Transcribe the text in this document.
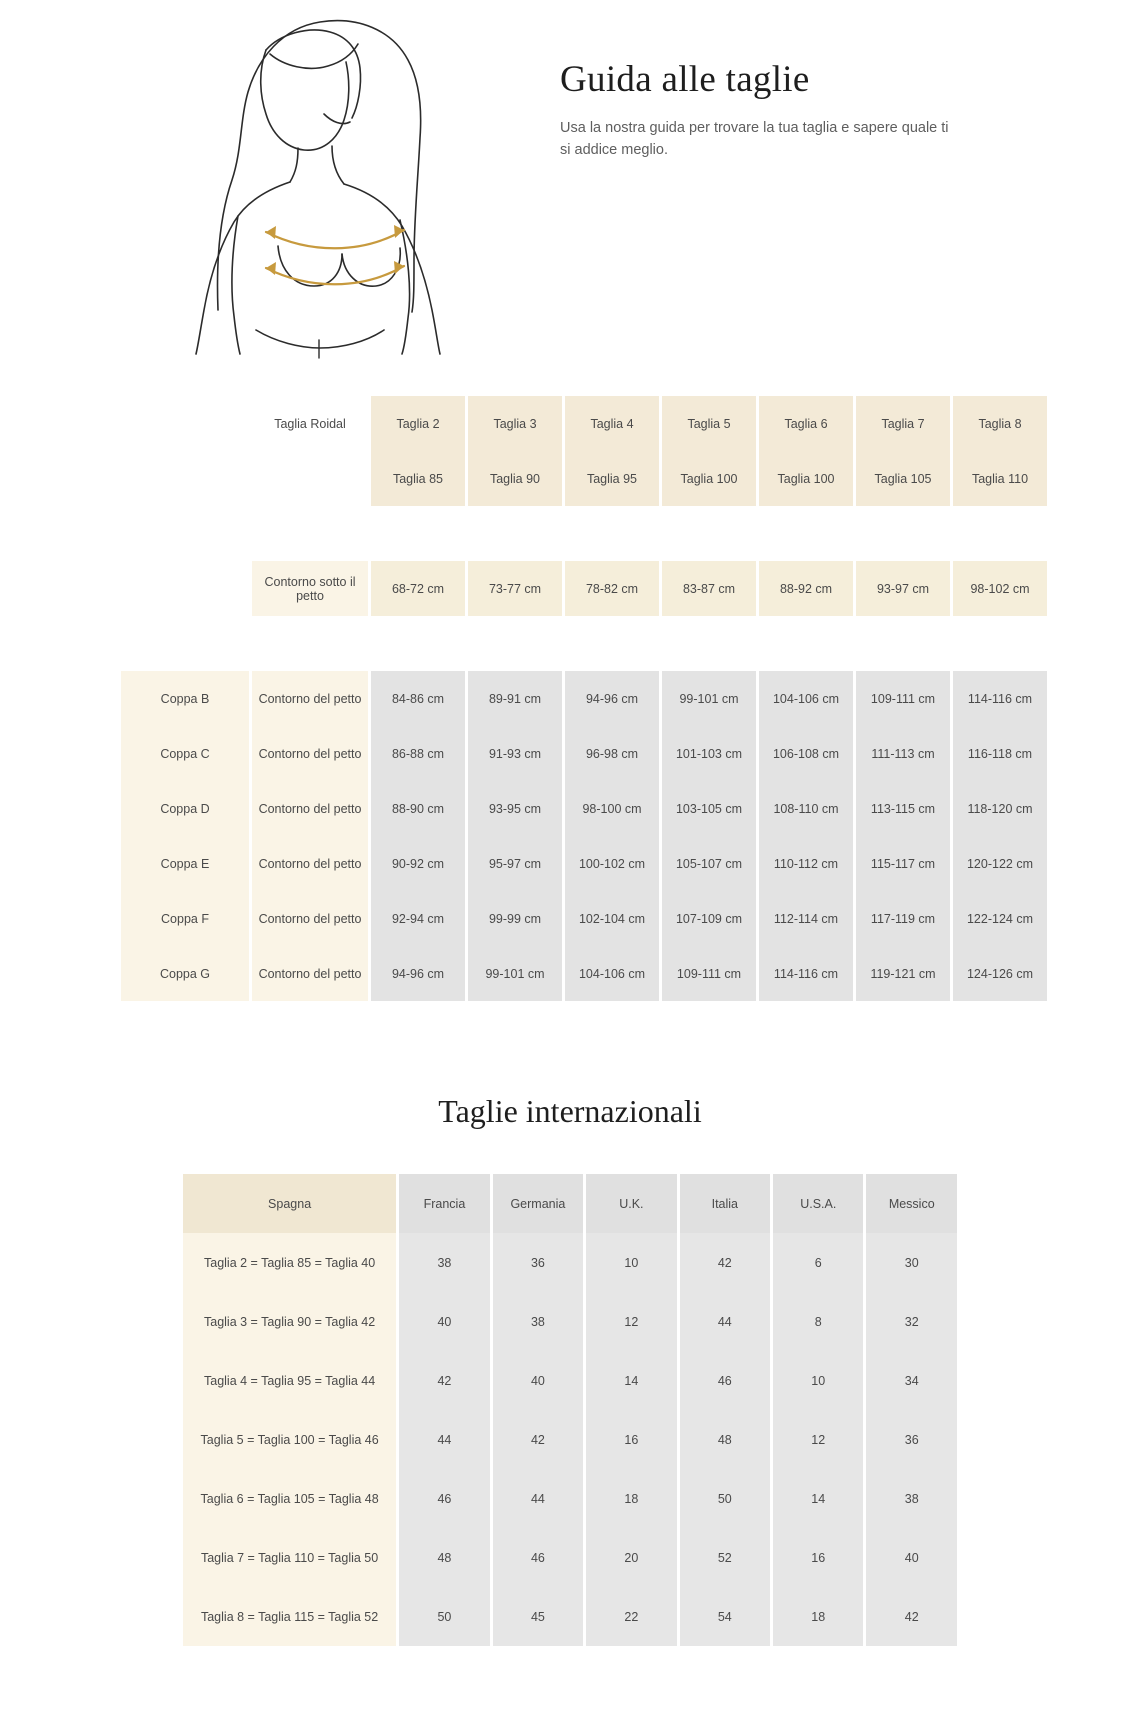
Guida alle taglie

Usa la nostra guida per trovare la tua taglia e sapere quale ti si addice meglio.

	Taglia Roidal	Taglia 2	Taglia 3	Taglia 4	Taglia 5	Taglia 6	Taglia 7	Taglia 8
		Taglia 85	Taglia 90	Taglia 95	Taglia 100	Taglia 100	Taglia 105	Taglia 110

	Contorno sotto il petto	68-72 cm	73-77 cm	78-82 cm	83-87 cm	88-92 cm	93-97 cm	98-102 cm

Coppa B	Contorno del petto	84-86 cm	89-91 cm	94-96 cm	99-101 cm	104-106 cm	109-111 cm	114-116 cm
Coppa C	Contorno del petto	86-88 cm	91-93 cm	96-98 cm	101-103 cm	106-108 cm	111-113 cm	116-118 cm
Coppa D	Contorno del petto	88-90 cm	93-95 cm	98-100 cm	103-105 cm	108-110 cm	113-115 cm	118-120 cm
Coppa E	Contorno del petto	90-92 cm	95-97 cm	100-102 cm	105-107 cm	110-112 cm	115-117 cm	120-122 cm
Coppa F	Contorno del petto	92-94 cm	99-99 cm	102-104 cm	107-109 cm	112-114 cm	117-119 cm	122-124 cm
Coppa G	Contorno del petto	94-96 cm	99-101 cm	104-106 cm	109-111 cm	114-116 cm	119-121 cm	124-126 cm
Taglie internazionali
Spagna	Francia	Germania	U.K.	Italia	U.S.A.	Messico
Taglia 2 = Taglia 85 = Taglia 40	38	36	10	42	6	30
Taglia 3 = Taglia 90 = Taglia 42	40	38	12	44	8	32
Taglia 4 = Taglia 95 = Taglia 44	42	40	14	46	10	34
Taglia 5 = Taglia 100 = Taglia 46	44	42	16	48	12	36
Taglia 6 = Taglia 105 = Taglia 48	46	44	18	50	14	38
Taglia 7 = Taglia 110 = Taglia 50	48	46	20	52	16	40
Taglia 8 = Taglia 115 = Taglia 52	50	45	22	54	18	42
